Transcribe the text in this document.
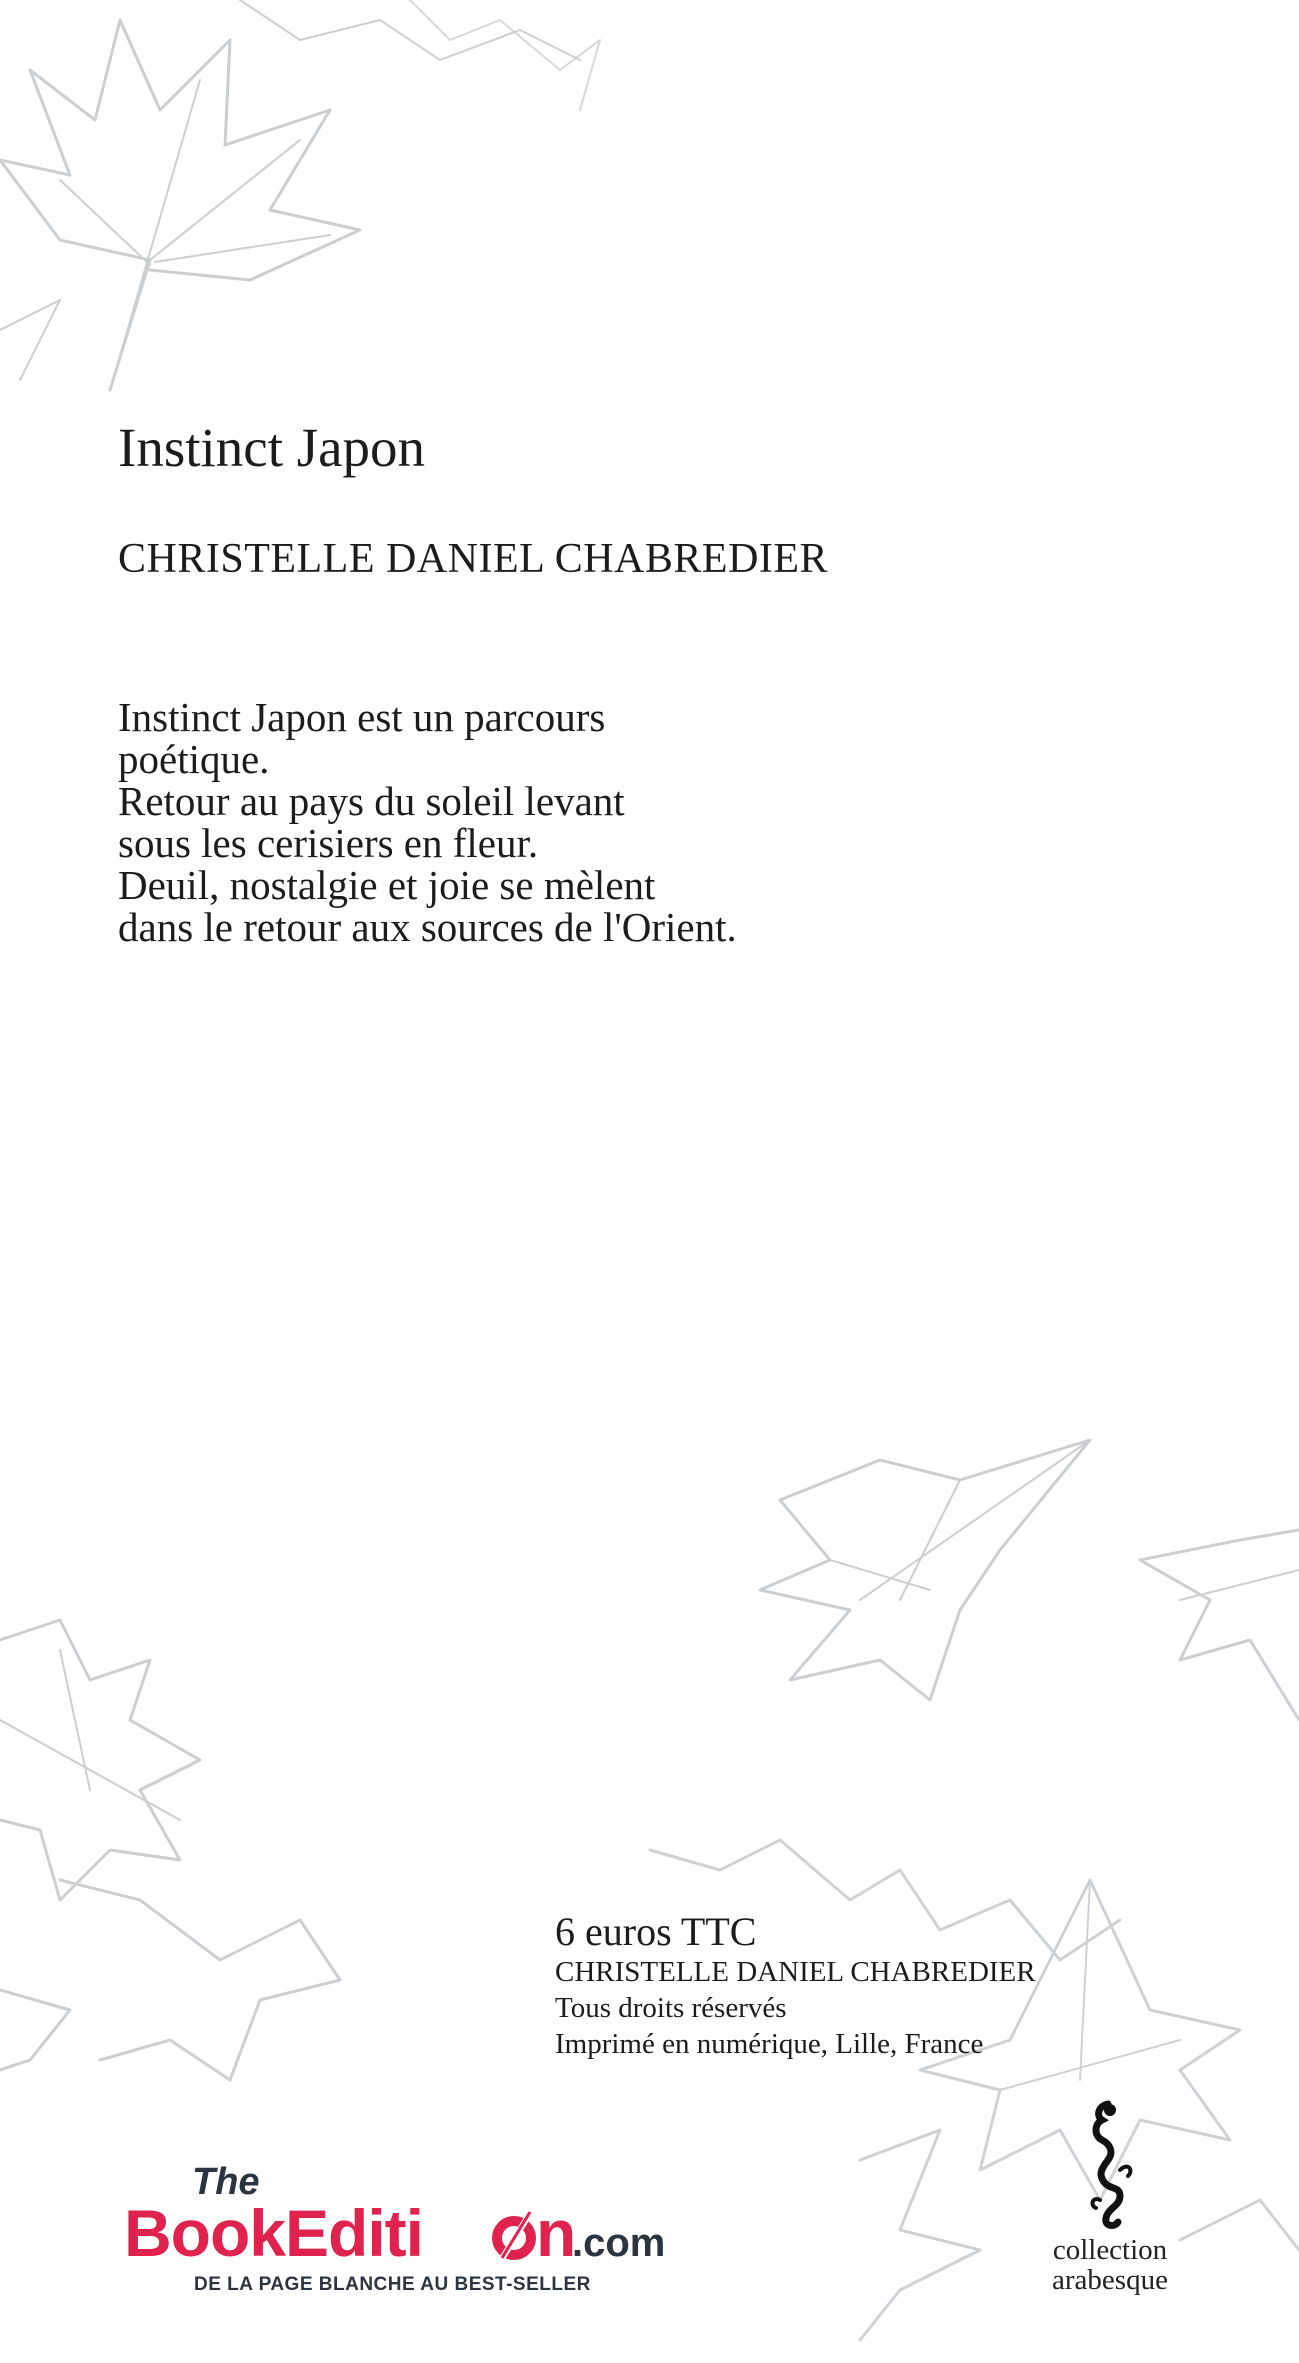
Instinct Japon
CHRISTELLE DANIEL CHABREDIER
Instinct Japon est un parcours
poétique.
Retour au pays du soleil levant
sous les cerisiers en fleur.
Deuil, nostalgie et joie se mèlent
dans le retour aux sources de l'Orient.
6 euros TTC
CHRISTELLE DANIEL CHABREDIER
Tous droits réservés
Imprimé en numérique, Lille, France
The
BookEditi n
.com
DE LA PAGE BLANCHE AU BEST-SELLER
collection
arabesque
